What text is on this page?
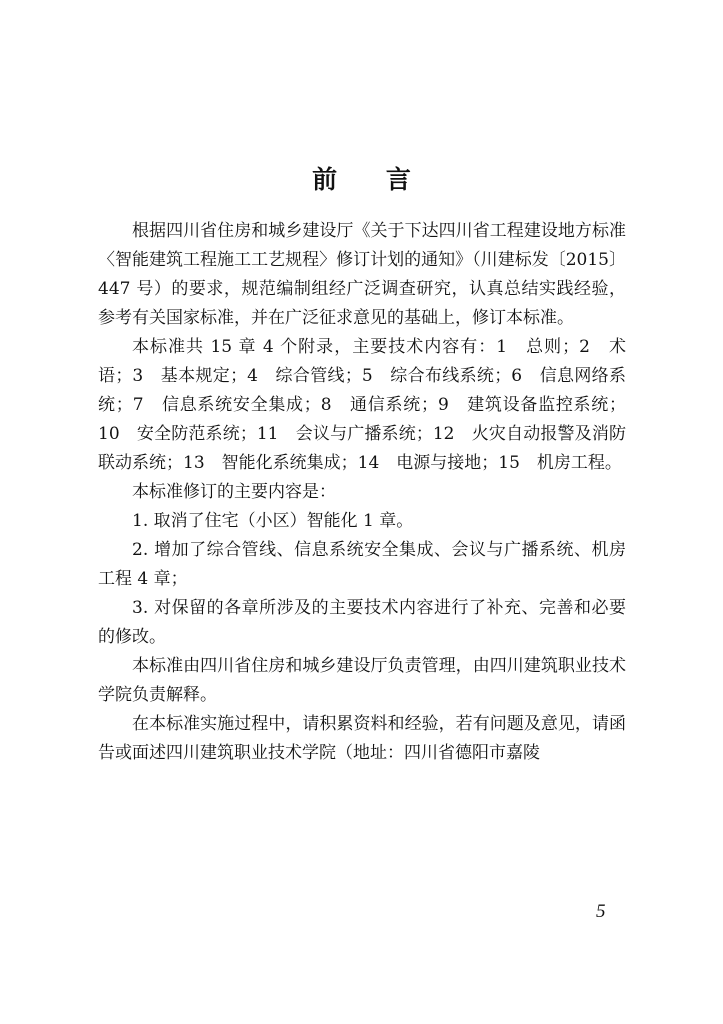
前 言

根据四川省住房和城乡建设厅《关于下达四川省工程建设地方标准〈智能建筑工程施工工艺规程〉修订计划的通知》（川建标发〔2015〕447 号）的要求，规范编制组经广泛调查研究，认真总结实践经验，参考有关国家标准，并在广泛征求意见的基础上，修订本标准。

本标准共 15 章 4 个附录，主要技术内容有：1　总则；2　术语；3　基本规定；4　综合管线；5　综合布线系统；6　信息网络系统；7　信息系统安全集成；8　通信系统；9　建筑设备监控系统；10　安全防范系统；11　会议与广播系统；12　火灾自动报警及消防联动系统；13　智能化系统集成；14　电源与接地；15　机房工程。

本标准修订的主要内容是：

1. 取消了住宅（小区）智能化 1 章。

2. 增加了综合管线、信息系统安全集成、会议与广播系统、机房工程 4 章；

3. 对保留的各章所涉及的主要技术内容进行了补充、完善和必要的修改。

本标准由四川省住房和城乡建设厅负责管理，由四川建筑职业技术学院负责解释。

在本标准实施过程中，请积累资料和经验，若有问题及意见，请函告或面述四川建筑职业技术学院（地址：四川省德阳市嘉陵

5
